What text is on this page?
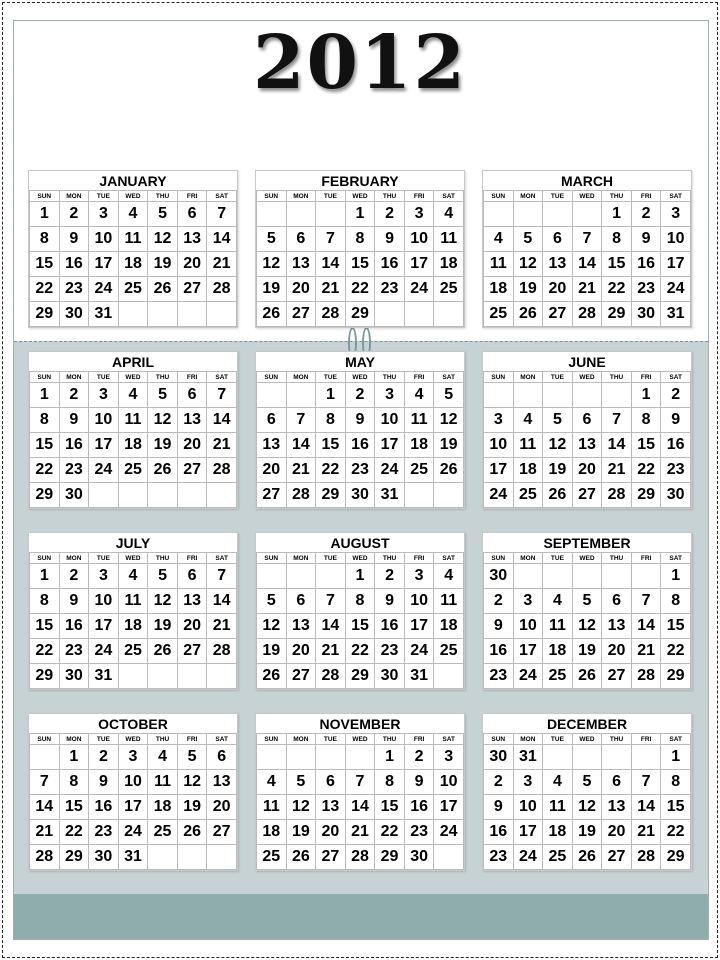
2012
JANUARY
SUN	MON	TUE	WED	THU	FRI	SAT
1	2	3	4	5	6	7
8	9	10	11	12	13	14
15	16	17	18	19	20	21
22	23	24	25	26	27	28
29	30	31				
FEBRUARY
SUN	MON	TUE	WED	THU	FRI	SAT
			1	2	3	4
5	6	7	8	9	10	11
12	13	14	15	16	17	18
19	20	21	22	23	24	25
26	27	28	29			
MARCH
SUN	MON	TUE	WED	THU	FRI	SAT
				1	2	3
4	5	6	7	8	9	10
11	12	13	14	15	16	17
18	19	20	21	22	23	24
25	26	27	28	29	30	31
APRIL
SUN	MON	TUE	WED	THU	FRI	SAT
1	2	3	4	5	6	7
8	9	10	11	12	13	14
15	16	17	18	19	20	21
22	23	24	25	26	27	28
29	30					
MAY
SUN	MON	TUE	WED	THU	FRI	SAT
		1	2	3	4	5
6	7	8	9	10	11	12
13	14	15	16	17	18	19
20	21	22	23	24	25	26
27	28	29	30	31		
JUNE
SUN	MON	TUE	WED	THU	FRI	SAT
					1	2
3	4	5	6	7	8	9
10	11	12	13	14	15	16
17	18	19	20	21	22	23
24	25	26	27	28	29	30
JULY
SUN	MON	TUE	WED	THU	FRI	SAT
1	2	3	4	5	6	7
8	9	10	11	12	13	14
15	16	17	18	19	20	21
22	23	24	25	26	27	28
29	30	31				
AUGUST
SUN	MON	TUE	WED	THU	FRI	SAT
			1	2	3	4
5	6	7	8	9	10	11
12	13	14	15	16	17	18
19	20	21	22	23	24	25
26	27	28	29	30	31	
SEPTEMBER
SUN	MON	TUE	WED	THU	FRI	SAT
30						1
2	3	4	5	6	7	8
9	10	11	12	13	14	15
16	17	18	19	20	21	22
23	24	25	26	27	28	29
OCTOBER
SUN	MON	TUE	WED	THU	FRI	SAT
	1	2	3	4	5	6
7	8	9	10	11	12	13
14	15	16	17	18	19	20
21	22	23	24	25	26	27
28	29	30	31			
NOVEMBER
SUN	MON	TUE	WED	THU	FRI	SAT
				1	2	3
4	5	6	7	8	9	10
11	12	13	14	15	16	17
18	19	20	21	22	23	24
25	26	27	28	29	30	
DECEMBER
SUN	MON	TUE	WED	THU	FRI	SAT
30	31					1
2	3	4	5	6	7	8
9	10	11	12	13	14	15
16	17	18	19	20	21	22
23	24	25	26	27	28	29
